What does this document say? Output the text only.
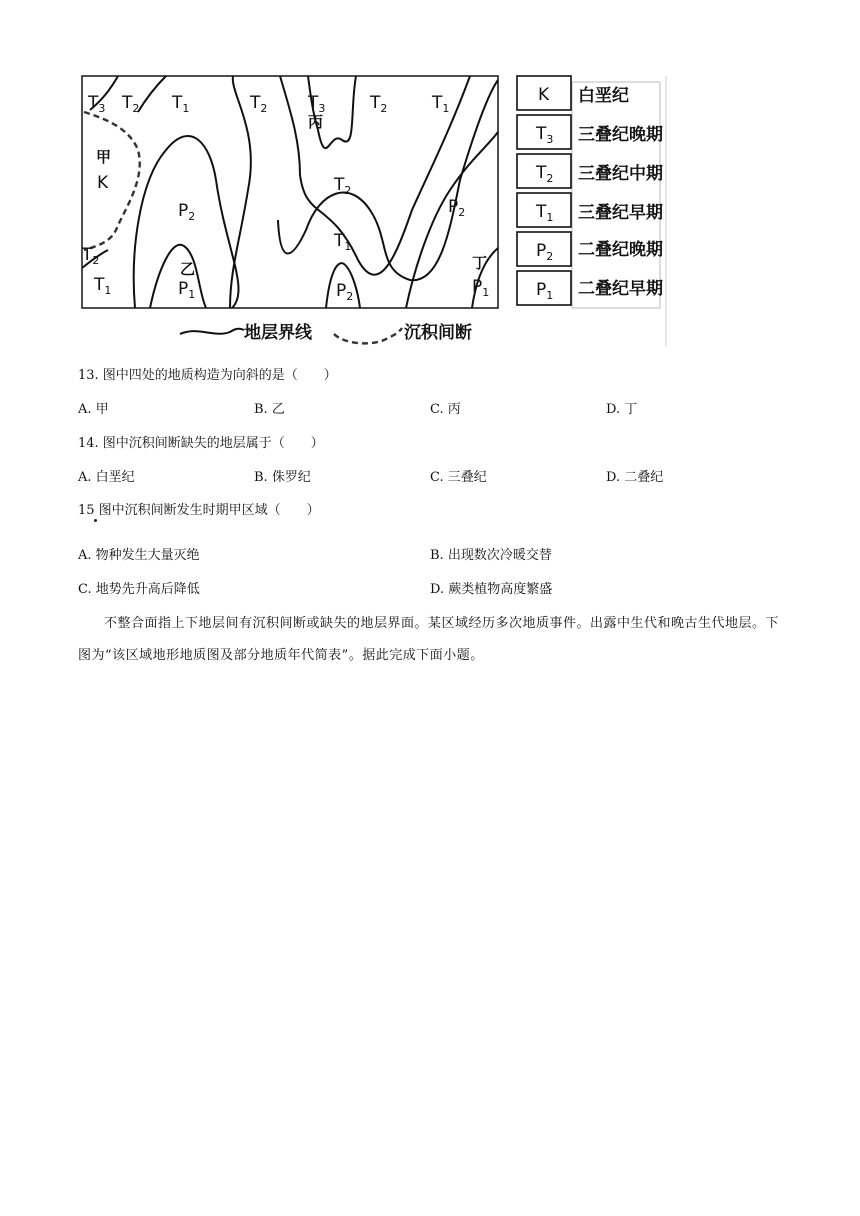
$T_3$ $T_2$ $T_1$	$T_2$ $T_3$
丙
$T_2$	$T_1$
甲
K	$T_2$
$P_2$	$P_2$
$T_1$
$T_2$	乙	丁
$T_1$	$P_1$	$P_2$	$P_1$
K 白垩纪
$T_3$ 三叠纪晚期
$T_2$ 三叠纪中期
$T_1$ 三叠纪早期
$P_2$ 二叠纪晚期
$P_1$ 二叠纪早期
地层界线	沉积间断
13. 图中四处的地质构造为向斜的是（　　）
A. 甲	B. 乙	C. 丙	D. 丁
14. 图中沉积间断缺失的地层属于（　　）
A. 白垩纪	B. 侏罗纪	C. 三叠纪	D. 二叠纪
15 图中沉积间断发生时期甲区域（　　）
A. 物种发生大量灭绝	B. 出现数次冷暖交替
C. 地势先升高后降低	D. 蕨类植物高度繁盛

不整合面指上下地层间有沉积间断或缺失的地层界面。某区域经历多次地质事件。出露中生代和晚古生代地层。下图为“该区域地形地质图及部分地质年代简表”。据此完成下面小题。
